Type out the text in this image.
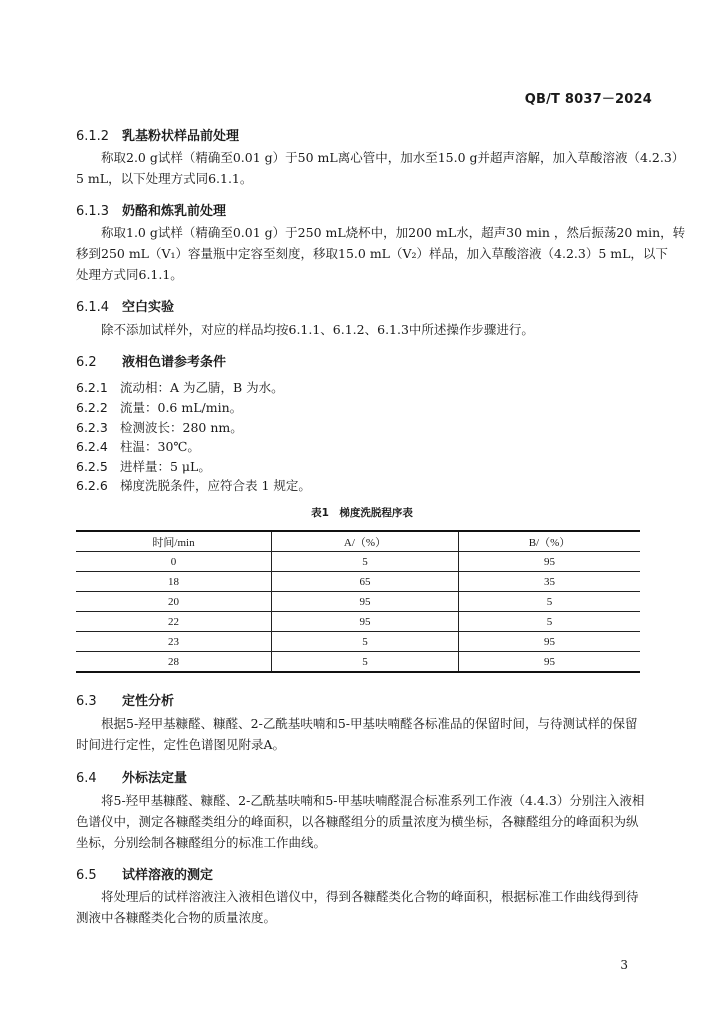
QB/T 8037－2024
6.1.2 乳基粉状样品前处理
称取2.0 g试样（精确至0.01 g）于50 mL离心管中，加水至15.0 g并超声溶解，加入草酸溶液（4.2.3）
5 mL，以下处理方式同6.1.1。
6.1.3 奶酪和炼乳前处理
称取1.0 g试样（精确至0.01 g）于250 mL烧杯中，加200 mL水，超声30 min ，然后振荡20 min，转
移到250 mL（V₁）容量瓶中定容至刻度，移取15.0 mL（V₂）样品，加入草酸溶液（4.2.3）5 mL，以下
处理方式同6.1.1。
6.1.4 空白实验
除不添加试样外，对应的样品均按6.1.1、6.1.2、6.1.3中所述操作步骤进行。
6.2 液相色谱参考条件
6.2.1 流动相：A 为乙腈，B 为水。
6.2.2 流量：0.6 mL/min。
6.2.3 检测波长：280 nm。
6.2.4 柱温：30℃。
6.2.5 进样量：5 μL。
6.2.6 梯度洗脱条件，应符合表 1 规定。
表1　梯度洗脱程序表
时间/min	A/（%）	B/（%）
0	5	95
18	65	35
20	95	5
22	95	5
23	5	95
28	5	95
6.3 定性分析
根据5-羟甲基糠醛、糠醛、2-乙酰基呋喃和5-甲基呋喃醛各标准品的保留时间，与待测试样的保留
时间进行定性，定性色谱图见附录A。
6.4 外标法定量
将5-羟甲基糠醛、糠醛、2-乙酰基呋喃和5-甲基呋喃醛混合标准系列工作液（4.4.3）分别注入液相
色谱仪中，测定各糠醛类组分的峰面积，以各糠醛组分的质量浓度为横坐标，各糠醛组分的峰面积为纵
坐标，分别绘制各糠醛组分的标准工作曲线。
6.5 试样溶液的测定
将处理后的试样溶液注入液相色谱仪中，得到各糠醛类化合物的峰面积，根据标准工作曲线得到待
测液中各糠醛类化合物的质量浓度。
3
